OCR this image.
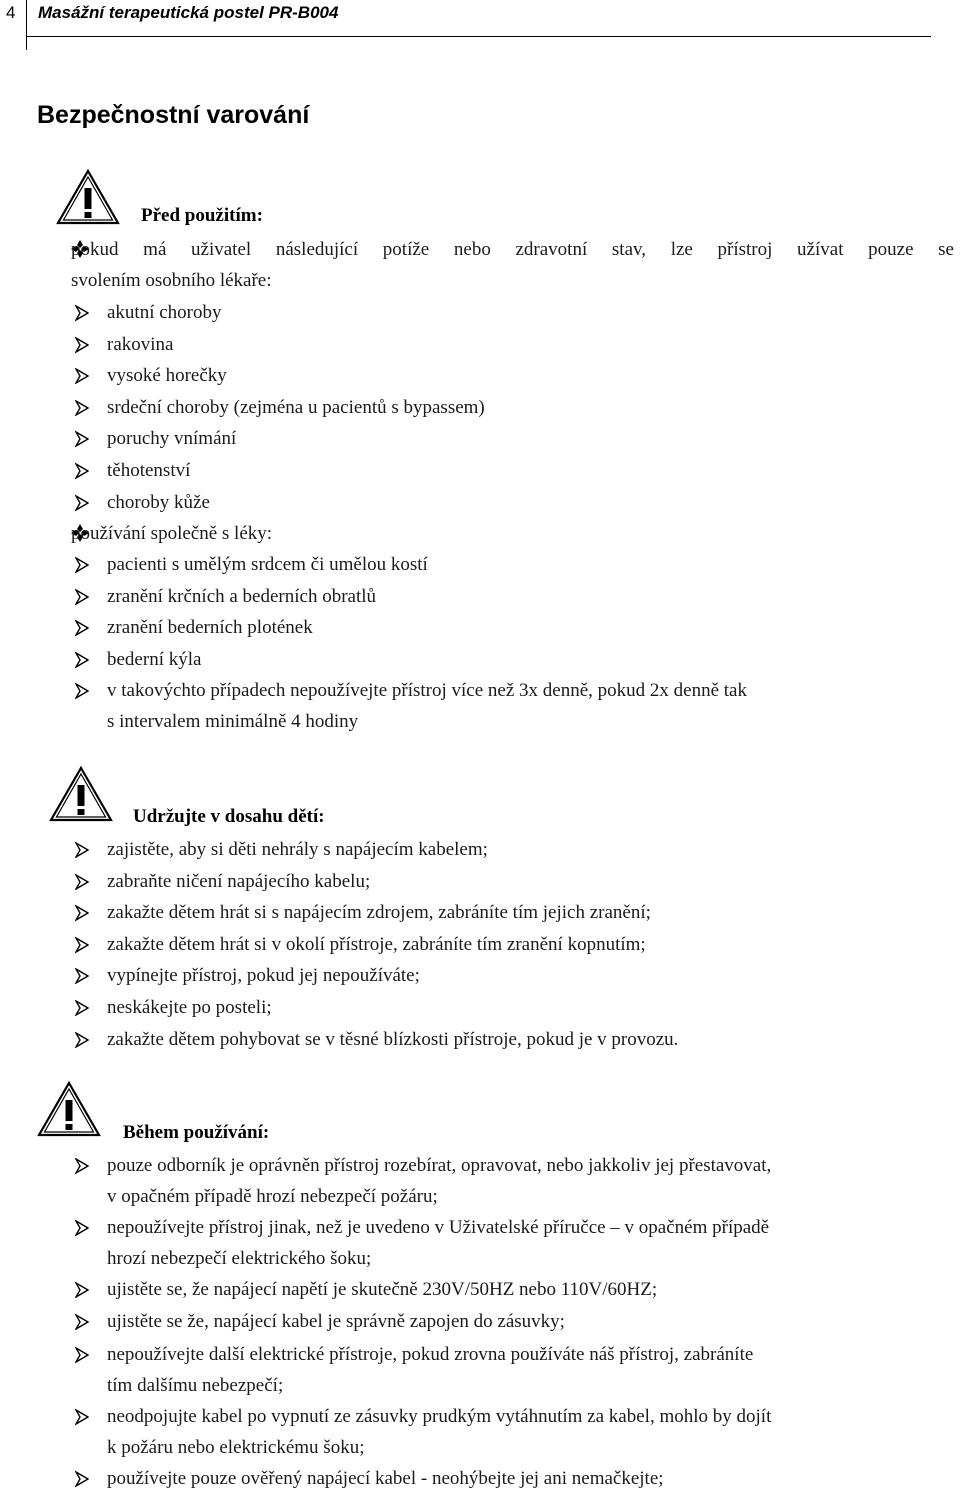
4 Masážní terapeutická postel PR-B004
Bezpečnostní varování
Před použitím:
Udržujte v dosahu dětí:
Během používání:
pokud má uživatel následující potíže nebo zdravotní stav, lze přístroj užívat pouze se
svolením osobního lékaře:
akutní choroby
rakovina
vysoké horečky
srdeční choroby (zejména u pacientů s bypassem)
poruchy vnímání
těhotenství
choroby kůže
používání společně s léky:
pacienti s umělým srdcem či umělou kostí
zranění krčních a bederních obratlů
zranění bederních plotének
bederní kýla
v takovýchto případech nepoužívejte přístroj více než 3x denně, pokud 2x denně tak
s intervalem minimálně 4 hodiny
zajistěte, aby si děti nehrály s napájecím kabelem;
zabraňte ničení napájecího kabelu;
zakažte dětem hrát si s napájecím zdrojem, zabráníte tím jejich zranění;
zakažte dětem hrát si v okolí přístroje, zabráníte tím zranění kopnutím;
vypínejte přístroj, pokud jej nepoužíváte;
neskákejte po posteli;
zakažte dětem pohybovat se v těsné blízkosti přístroje, pokud je v provozu.
pouze odborník je oprávněn přístroj rozebírat, opravovat, nebo jakkoliv jej přestavovat,
v opačném případě hrozí nebezpečí požáru;
nepoužívejte přístroj jinak, než je uvedeno v Uživatelské příručce – v opačném případě
hrozí nebezpečí elektrického šoku;
ujistěte se, že napájecí napětí je skutečně 230V/50HZ nebo 110V/60HZ;
ujistěte se že, napájecí kabel je správně zapojen do zásuvky;
nepoužívejte další elektrické přístroje, pokud zrovna používáte náš přístroj, zabráníte
tím dalšímu nebezpečí;
neodpojujte kabel po vypnutí ze zásuvky prudkým vytáhnutím za kabel, mohlo by dojít
k požáru nebo elektrickému šoku;
používejte pouze ověřený napájecí kabel - neohýbejte jej ani nemačkejte;
